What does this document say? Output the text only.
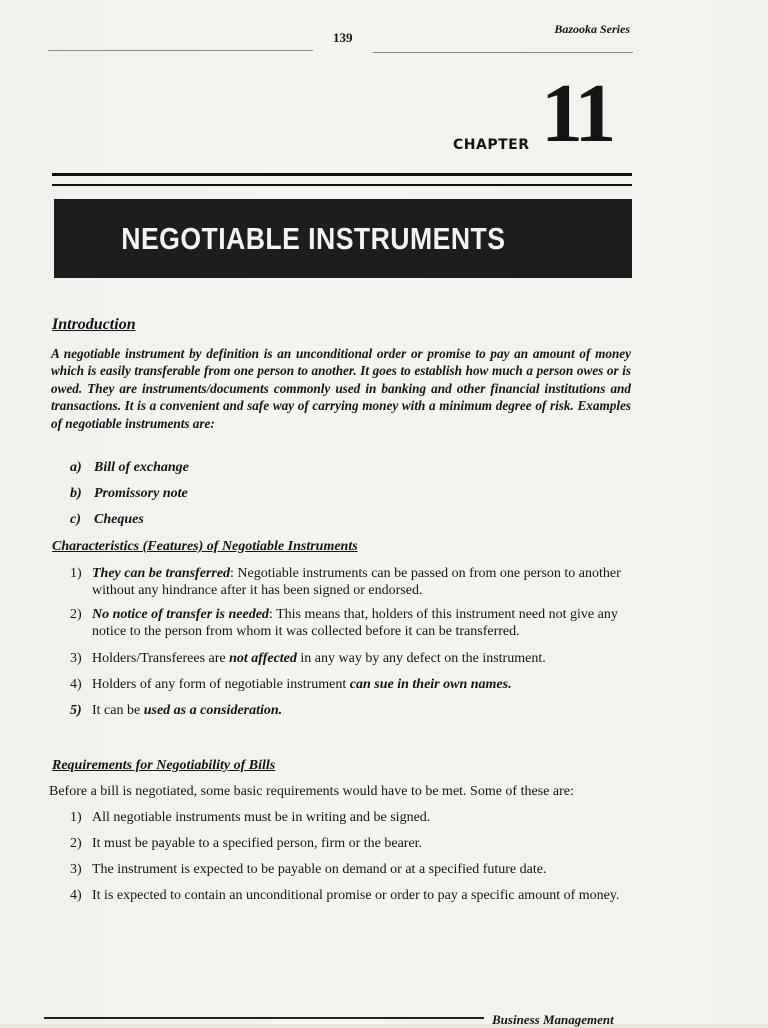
139
Bazooka Series
CHAPTER 11
NEGOTIABLE INSTRUMENTS
Introduction
A negotiable instrument by definition is an unconditional order or promise to pay an amount of money which is easily transferable from one person to another. It goes to establish how much a person owes or is owed. They are instruments/documents commonly used in banking and other financial institutions and transactions. It is a convenient and safe way of carrying money with a minimum degree of risk. Examples of negotiable instruments are:
a) Bill of exchange
b) Promissory note
c) Cheques
Characteristics (Features) of Negotiable Instruments
1) They can be transferred: Negotiable instruments can be passed on from one person to another without any hindrance after it has been signed or endorsed.
2) No notice of transfer is needed: This means that, holders of this instrument need not give any notice to the person from whom it was collected before it can be transferred.
3) Holders/Transferees are not affected in any way by any defect on the instrument.
4) Holders of any form of negotiable instrument can sue in their own names.
5) It can be used as a consideration.
Requirements for Negotiability of Bills
Before a bill is negotiated, some basic requirements would have to be met. Some of these are:
1) All negotiable instruments must be in writing and be signed.
2) It must be payable to a specified person, firm or the bearer.
3) The instrument is expected to be payable on demand or at a specified future date.
4) It is expected to contain an unconditional promise or order to pay a specific amount of money.
Business Management
